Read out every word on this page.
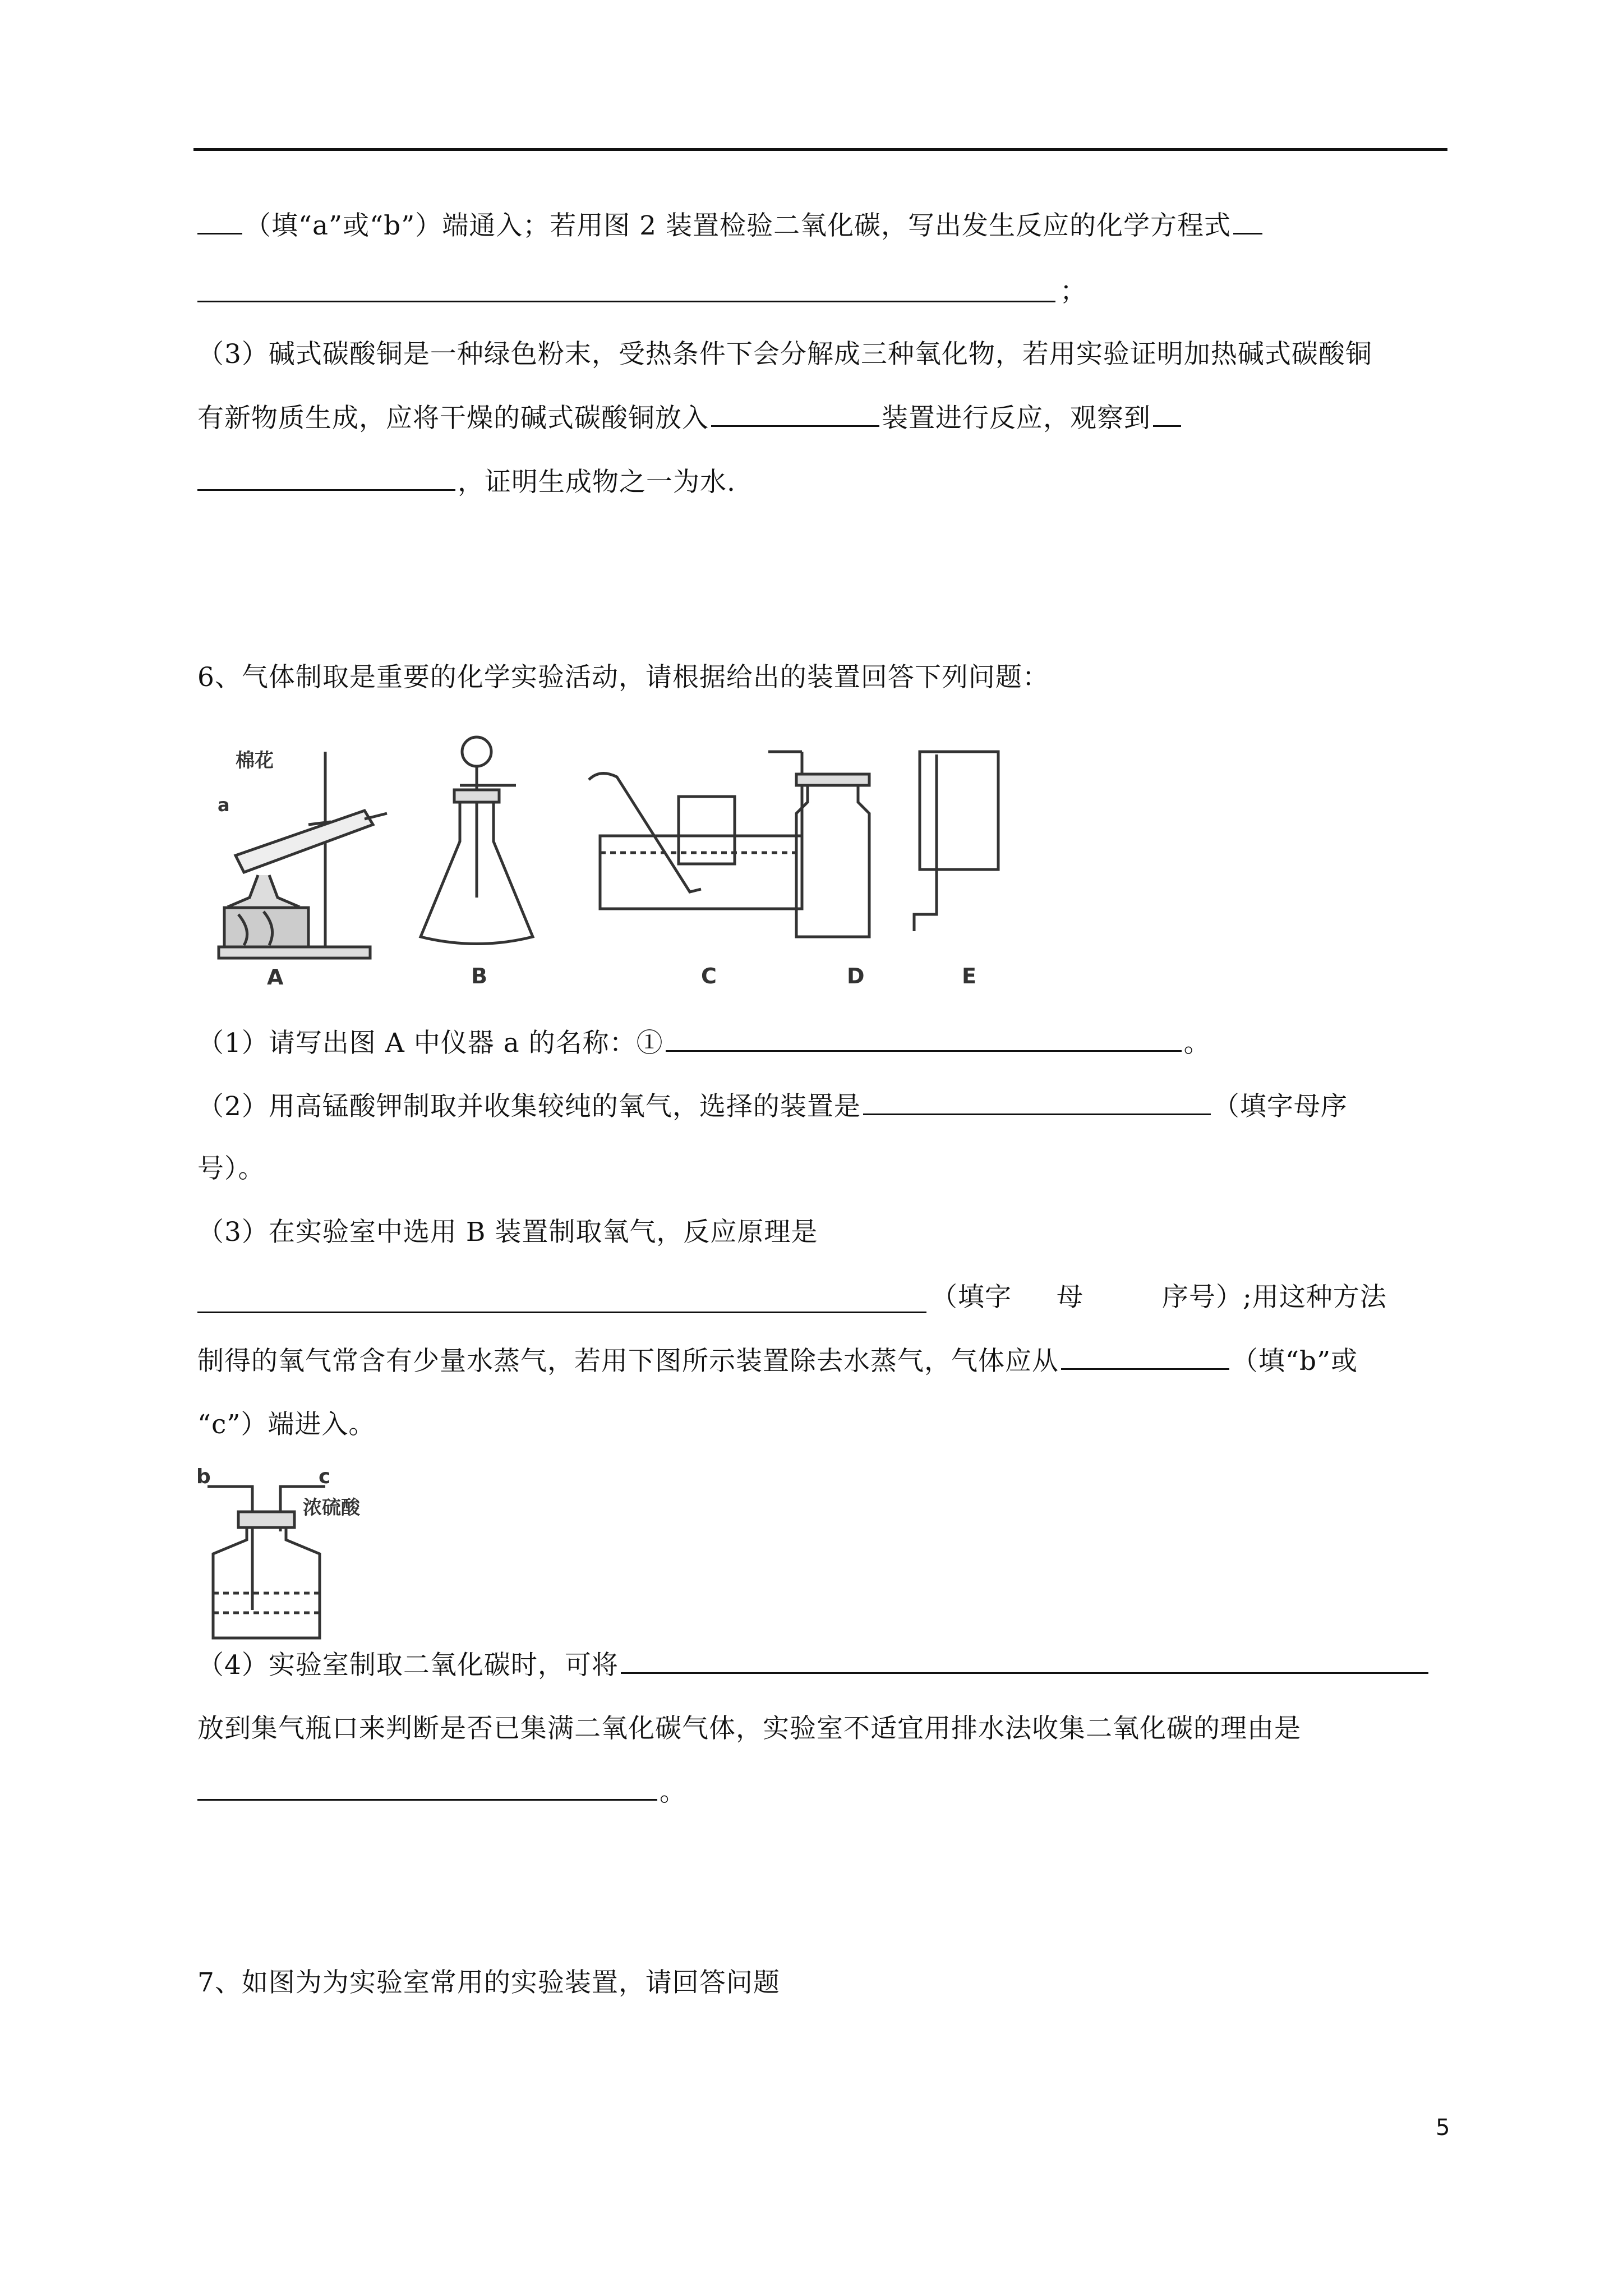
（填“a”或“b”）端通入；若用图 2 装置检验二氧化碳，写出发生反应的化学方程式
；
（3）碱式碳酸铜是一种绿色粉末，受热条件下会分解成三种氧化物，若用实验证明加热碱式碳酸铜
有新物质生成，应将干燥的碱式碳酸铜放入	装置进行反应，观察到
，证明生成物之一为水.
6、气体制取是重要的化学实验活动，请根据给出的装置回答下列问题：
棉花
a
A	B	C	D	E
（1）请写出图 A 中仪器 a 的名称：①	。
（2）用高锰酸钾制取并收集较纯的氧气，选择的装置是	（填字母序
号）。
（3）在实验室中选用 B 装置制取氧气，反应原理是
（填字 母	序号）;用这种方法
制得的氧气常含有少量水蒸气，若用下图所示装置除去水蒸气，气体应从	（填“b”或
“c”）端进入。
b	c
浓硫酸
（4）实验室制取二氧化碳时，可将
放到集气瓶口来判断是否已集满二氧化碳气体，实验室不适宜用排水法收集二氧化碳的理由是
。
7、如图为为实验室常用的实验装置，请回答问题
5
